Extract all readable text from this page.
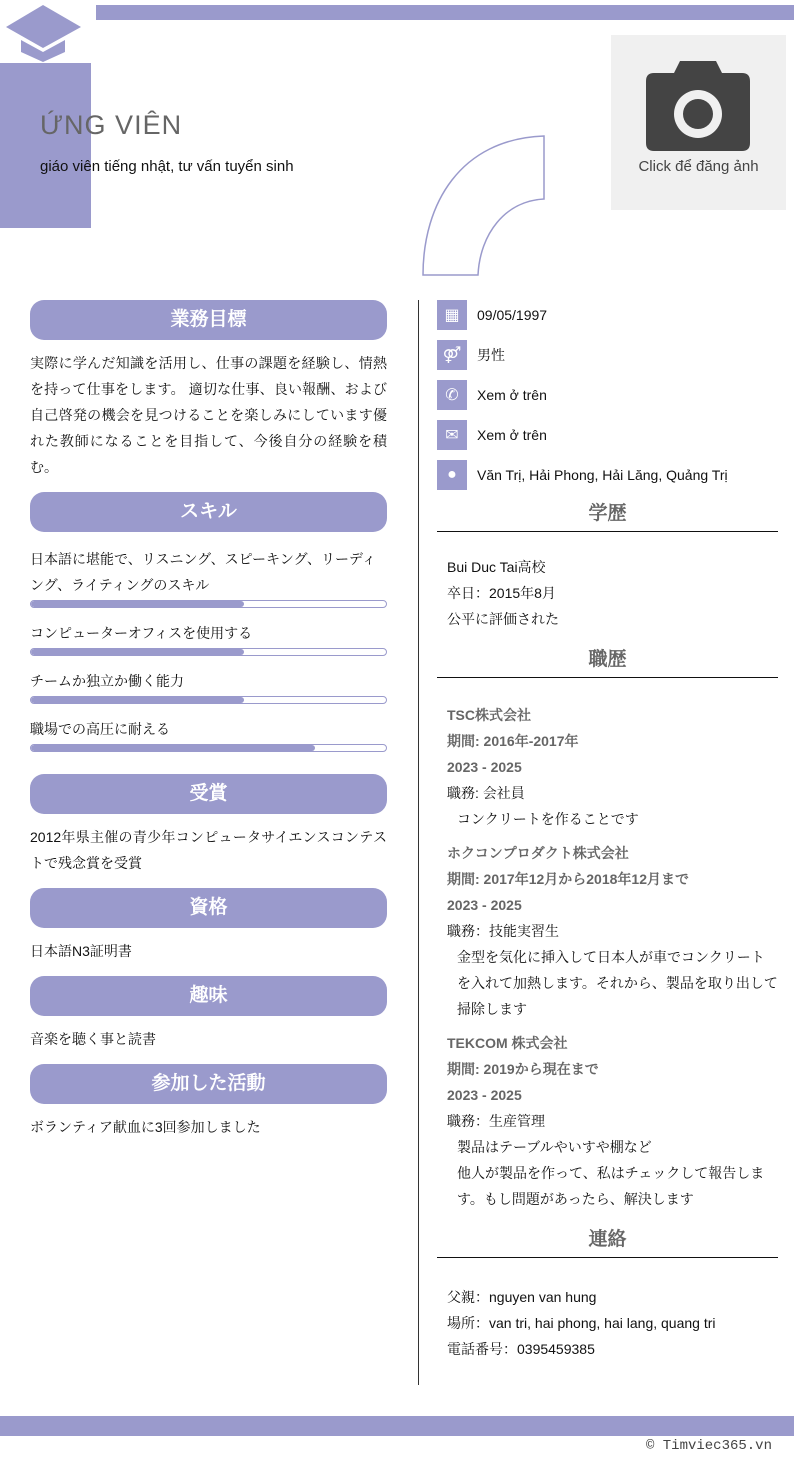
ỨNG VIÊN
giáo viên tiếng nhật, tư vấn tuyển sinh	Click để đăng ảnh
業務目標
実際に学んだ知識を活用し、仕事の課題を経験し、情熱を持って仕事をします。 適切な仕事、良い報酬、および自己啓発の機会を見つけることを楽しみにしています優れた教師になることを目指して、今後自分の経験を積む。
スキル
日本語に堪能で、リスニング、スピーキング、リーディング、ライティングのスキル
コンピューターオフィスを使用する
チームか独立か働く能力
職場での高圧に耐える
受賞
2012年県主催の青少年コンピュータサイエンスコンテストで残念賞を受賞
資格
日本語N3証明書
趣味
音楽を聴く事と読書
参加した活動
ボランティア献血に3回参加しました
▦	09/05/1997
⚤	男性
✆	Xem ở trên
✉	Xem ở trên
●	Văn Trị, Hải Phong, Hải Lăng, Quảng Trị
学歴
Bui Duc Tai高校
卒日：2015年8月
公平に評価された
職歴
TSC株式会社
期間: 2016年-2017年
2023 - 2025
職務: 会社員
コンクリートを作ることです
ホクコンプロダクト株式会社
期間: 2017年12月から2018年12月まで
2023 - 2025
職務：技能実習生
金型を気化に挿入して日本人が車でコンクリートを入れて加熱します。それから、製品を取り出して掃除します
TEKCOM 株式会社
期間: 2019から現在まで
2023 - 2025
職務：生産管理
製品はテーブルやいすや棚など
他人が製品を作って、私はチェックして報告します。もし問題があったら、解決します
連絡
父親：nguyen van hung
場所：van tri, hai phong, hai lang, quang tri
電話番号：0395459385
© Timviec365.vn
